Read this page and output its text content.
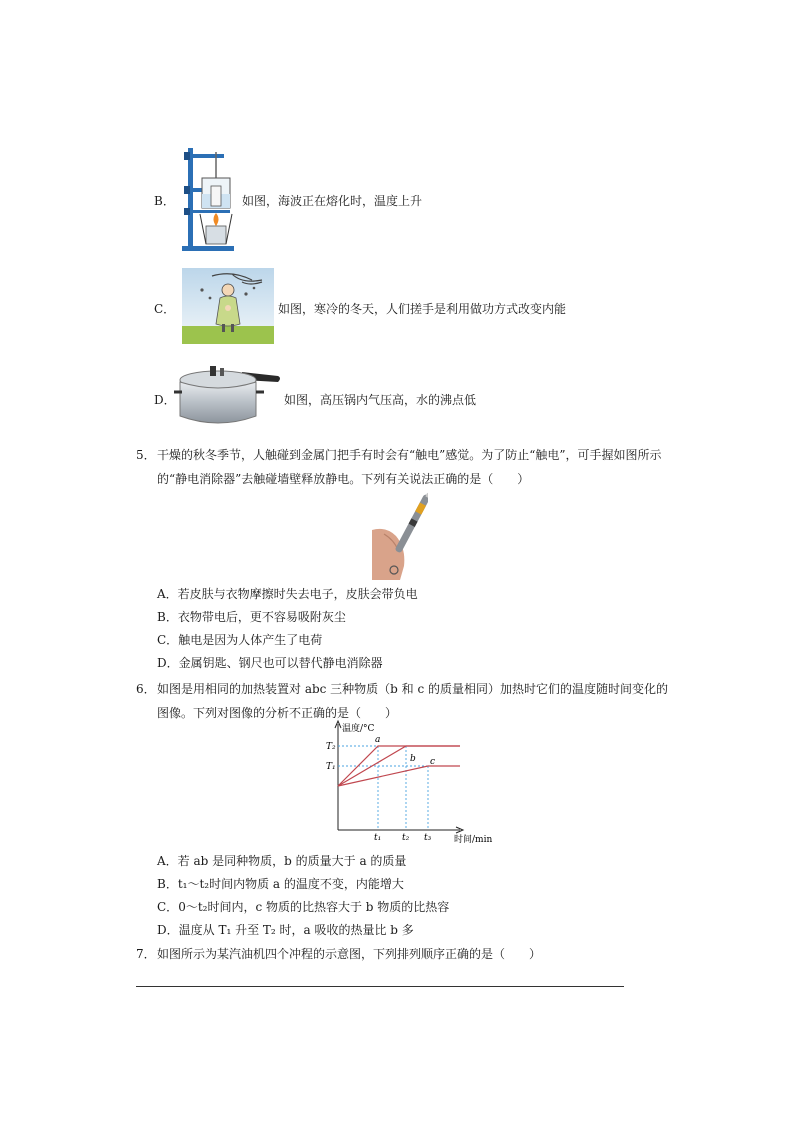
B．	如图，海波正在熔化时，温度上升
C．	如图，寒冷的冬天，人们搓手是利用做功方式改变内能
D．	如图，高压锅内气压高，水的沸点低
5． 干燥的秋冬季节，人触碰到金属门把手有时会有“触电”感觉。为了防止“触电”，可手握如图所示
的“静电消除器”去触碰墙壁释放静电。下列有关说法正确的是（　　）
A．若皮肤与衣物摩擦时失去电子，皮肤会带负电
B．衣物带电后，更不容易吸附灰尘
C．触电是因为人体产生了电荷
D．金属钥匙、钢尺也可以替代静电消除器
6． 如图是用相同的加热装置对 abc 三种物质（b 和 c 的质量相同）加热时它们的温度随时间变化的
图像。下列对图像的分析不正确的是（　　）
温度/°C
时间/min
T₂
T₁
t₁ t₂ t₃
a
b c
A．若 ab 是同种物质，b 的质量大于 a 的质量
B．t₁～t₂时间内物质 a 的温度不变，内能增大
C．0～t₂时间内，c 物质的比热容大于 b 物质的比热容
D．温度从 T₁ 升至 T₂ 时，a 吸收的热量比 b 多
7． 如图所示为某汽油机四个冲程的示意图，下列排列顺序正确的是（　　）
